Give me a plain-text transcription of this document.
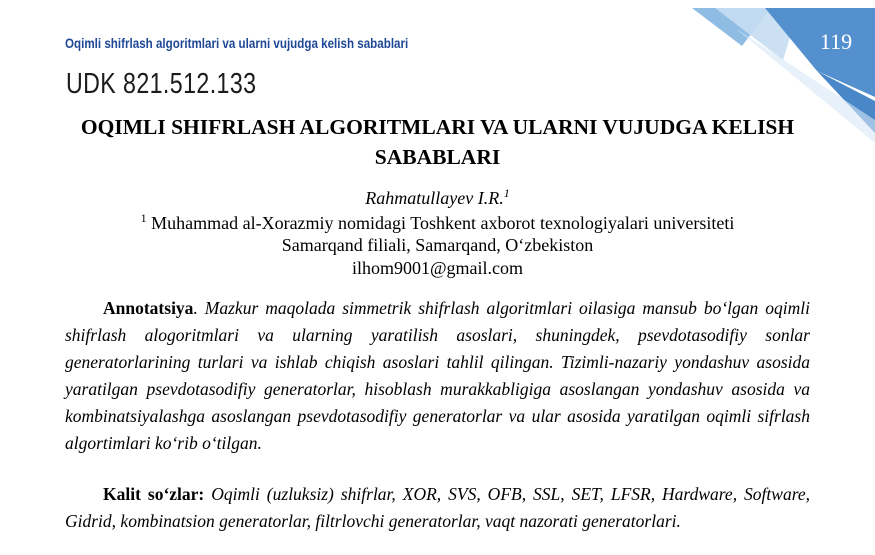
119
Oqimli shifrlash algoritmlari va ularni vujudga kelish sabablari
UDK 821.512.133
OQIMLI SHIFRLASH ALGORITMLARI VA ULARNI VUJUDGA KELISH SABABLARI
Rahmatullayev I.R.$^1$
$^1$ Muhammad al-Xorazmiy nomidagi Toshkent axborot texnologiyalari universiteti
Samarqand filiali, Samarqand, O‘zbekiston
ilhom9001@gmail.com

Annotatsiya. Mazkur maqolada simmetrik shifrlash algoritmlari oilasiga mansub bo‘lgan oqimli shifrlash alogoritmlari va ularning yaratilish asoslari, shuningdek, psevdotasodifiy sonlar generatorlarining turlari va ishlab chiqish asoslari tahlil qilingan. Tizimli-nazariy yondashuv asosida yaratilgan psevdotasodifiy generatorlar, hisoblash murakkabligiga asoslangan yondashuv asosida va kombinatsiyalashga asoslangan psevdotasodifiy generatorlar va ular asosida yaratilgan oqimli sifrlash algortimlari ko‘rib o‘tilgan.

Kalit so‘zlar: Oqimli (uzluksiz) shifrlar, XOR, SVS, OFB, SSL, SET, LFSR, Hardware, Software, Gidrid, kombinatsion generatorlar, filtrlovchi generatorlar, vaqt nazorati generatorlari.
